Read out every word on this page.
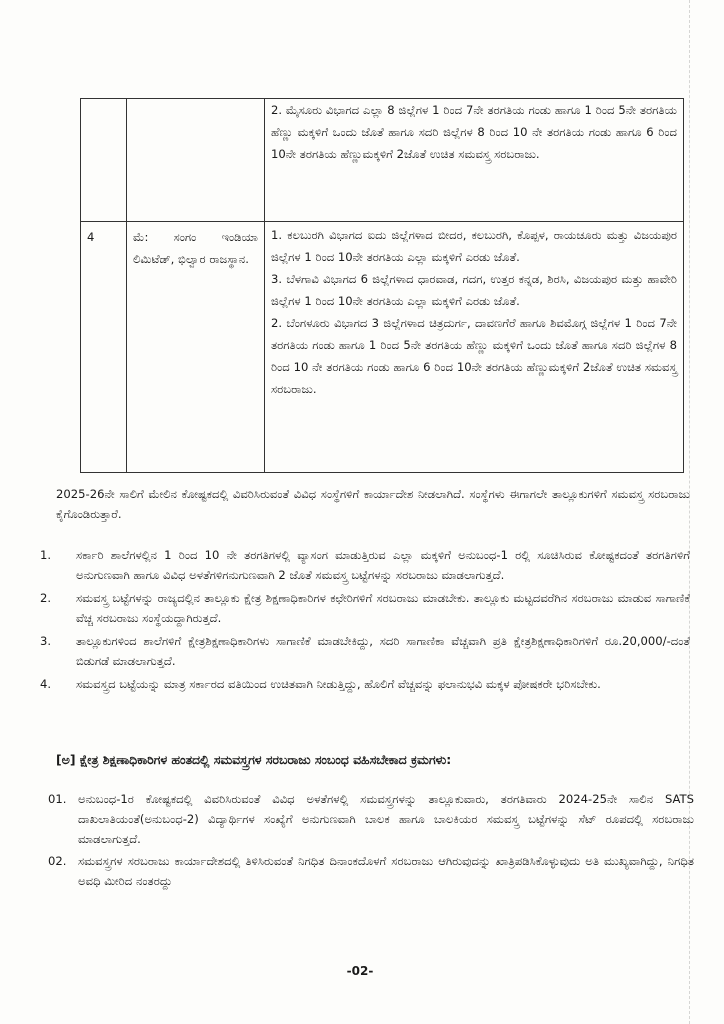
		2. ಮೈಸೂರು ವಿಭಾಗದ ಎಲ್ಲಾ 8 ಜಿಲ್ಲೆಗಳ 1 ರಿಂದ 7ನೇ ತರಗತಿಯ ಗಂಡು ಹಾಗೂ 1 ರಿಂದ 5ನೇ ತರಗತಿಯ ಹೆಣ್ಣು ಮಕ್ಕಳಿಗೆ ಒಂದು ಜೊತೆ ಹಾಗೂ ಸದರಿ ಜಿಲ್ಲೆಗಳ 8 ರಿಂದ 10 ನೇ ತರಗತಿಯ ಗಂಡು ಹಾಗೂ 6 ರಿಂದ 10ನೇ ತರಗತಿಯ ಹೆಣ್ಣುಮಕ್ಕಳಿಗೆ 2ಜೊತೆ ಉಚಿತ ಸಮವಸ್ತ್ರ ಸರಬರಾಜು.

4	ಮೆ: ಸಂಗಂ ಇಂಡಿಯಾ ಲಿಮಿಟೆಡ್, ಭಿಲ್ವಾರ ರಾಜಸ್ಥಾನ.	1. ಕಲಬುರಗಿ ವಿಭಾಗದ ಐದು ಜಿಲ್ಲೆಗಳಾದ ಬೀದರ, ಕಲಬುರಗಿ, ಕೊಪ್ಪಳ, ರಾಯಚೂರು ಮತ್ತು ವಿಜಯಪುರ ಜಿಲ್ಲೆಗಳ 1 ರಿಂದ 10ನೇ ತರಗತಿಯ ಎಲ್ಲಾ ಮಕ್ಕಳಿಗೆ ಎರಡು ಜೊತೆ.
3. ಬೆಳಗಾವಿ ವಿಭಾಗದ 6 ಜಿಲ್ಲೆಗಳಾದ ಧಾರವಾಡ, ಗದಗ, ಉತ್ತರ ಕನ್ನಡ, ಶಿರಸಿ, ವಿಜಯಪುರ ಮತ್ತು ಹಾವೇರಿ ಜಿಲ್ಲೆಗಳ 1 ರಿಂದ 10ನೇ ತರಗತಿಯ ಎಲ್ಲಾ ಮಕ್ಕಳಿಗೆ ಎರಡು ಜೊತೆ.
2. ಬೆಂಗಳೂರು ವಿಭಾಗದ 3 ಜಿಲ್ಲೆಗಳಾದ ಚಿತ್ರದುರ್ಗ, ದಾವಣಗೆರೆ ಹಾಗೂ ಶಿವಮೊಗ್ಗ ಜಿಲ್ಲೆಗಳ 1 ರಿಂದ 7ನೇ ತರಗತಿಯ ಗಂಡು ಹಾಗೂ 1 ರಿಂದ 5ನೇ ತರಗತಿಯ ಹೆಣ್ಣು ಮಕ್ಕಳಿಗೆ ಒಂದು ಜೊತೆ ಹಾಗೂ ಸದರಿ ಜಿಲ್ಲೆಗಳ 8 ರಿಂದ 10 ನೇ ತರಗತಿಯ ಗಂಡು ಹಾಗೂ 6 ರಿಂದ 10ನೇ ತರಗತಿಯ ಹೆಣ್ಣುಮಕ್ಕಳಿಗೆ 2ಜೊತೆ ಉಚಿತ ಸಮವಸ್ತ್ರ ಸರಬರಾಜು.

2025-26ನೇ ಸಾಲಿಗೆ ಮೇಲಿನ ಕೋಷ್ಟಕದಲ್ಲಿ ವಿವರಿಸಿರುವಂತೆ ವಿವಿಧ ಸಂಸ್ಥೆಗಳಿಗೆ ಕಾರ್ಯಾದೇಶ ನೀಡಲಾಗಿದೆ. ಸಂಸ್ಥೆಗಳು ಈಗಾಗಲೇ ತಾಲ್ಲೂಕುಗಳಿಗೆ ಸಮವಸ್ತ್ರ ಸರಬರಾಜು ಕೈಗೊಂಡಿರುತ್ತಾರೆ.

1.	ಸರ್ಕಾರಿ ಶಾಲೆಗಳಲ್ಲಿನ 1 ರಿಂದ 10 ನೇ ತರಗತಿಗಳಲ್ಲಿ ವ್ಯಾಸಂಗ ಮಾಡುತ್ತಿರುವ ಎಲ್ಲಾ ಮಕ್ಕಳಿಗೆ ಅನುಬಂಧ-1 ರಲ್ಲಿ ಸೂಚಿಸಿರುವ ಕೋಷ್ಟಕದಂತೆ ತರಗತಿಗಳಿಗೆ ಅನುಗುಣವಾಗಿ ಹಾಗೂ ವಿವಿಧ ಅಳತೆಗಳಿಗನುಗುಣವಾಗಿ 2 ಜೊತೆ ಸಮವಸ್ತ್ರ ಬಟ್ಟೆಗಳನ್ನು ಸರಬರಾಜು ಮಾಡಲಾಗುತ್ತದೆ.
2.	ಸಮವಸ್ತ್ರ ಬಟ್ಟೆಗಳನ್ನು ರಾಜ್ಯದಲ್ಲಿನ ತಾಲ್ಲೂಕು ಕ್ಷೇತ್ರ ಶಿಕ್ಷಣಾಧಿಕಾರಿಗಳ ಕಛೇರಿಗಳಿಗೆ ಸರಬರಾಜು ಮಾಡಬೇಕು. ತಾಲ್ಲೂಕು ಮಟ್ಟದವರೆಗಿನ ಸರಬರಾಜು ಮಾಡುವ ಸಾಗಾಣಿಕೆ ವೆಚ್ಚ ಸರಬರಾಜು ಸಂಸ್ಥೆಯದ್ದಾಗಿರುತ್ತದೆ.
3.	ತಾಲ್ಲೂಕುಗಳಿಂದ ಶಾಲೆಗಳಿಗೆ ಕ್ಷೇತ್ರಶಿಕ್ಷಣಾಧಿಕಾರಿಗಳು ಸಾಗಾಣಿಕೆ ಮಾಡಬೇಕಿದ್ದು, ಸದರಿ ಸಾಗಾಣಿಕಾ ವೆಚ್ಚವಾಗಿ ಪ್ರತಿ ಕ್ಷೇತ್ರಶಿಕ್ಷಣಾಧಿಕಾರಿಗಳಿಗೆ ರೂ.20,000/-ದಂತೆ ಬಿಡುಗಡೆ ಮಾಡಲಾಗುತ್ತದೆ.
4.	ಸಮವಸ್ತ್ರದ ಬಟ್ಟೆಯನ್ನು ಮಾತ್ರ ಸರ್ಕಾರದ ವತಿಯಿಂದ ಉಚಿತವಾಗಿ ನೀಡುತ್ತಿದ್ದು, ಹೊಲಿಗೆ ವೆಚ್ಚವನ್ನು ಫಲಾನುಭವಿ ಮಕ್ಕಳ ಪೋಷಕರೇ ಭರಿಸಬೇಕು.
[ಅ] ಕ್ಷೇತ್ರ ಶಿಕ್ಷಣಾಧಿಕಾರಿಗಳ ಹಂತದಲ್ಲಿ ಸಮವಸ್ತ್ರಗಳ ಸರಬರಾಜು ಸಂಬಂಧ ವಹಿಸಬೇಕಾದ ಕ್ರಮಗಳು:
01. ಅನುಬಂಧ-1ರ ಕೋಷ್ಟಕದಲ್ಲಿ ವಿವರಿಸಿರುವಂತೆ ವಿವಿಧ ಅಳತೆಗಳಲ್ಲಿ ಸಮವಸ್ತ್ರಗಳನ್ನು ತಾಲ್ಲೂಕುವಾರು, ತರಗತಿವಾರು 2024-25ನೇ ಸಾಲಿನ SATS ದಾಖಲಾತಿಯಂತೆ(ಅನುಬಂಧ-2) ವಿದ್ಯಾರ್ಥಿಗಳ ಸಂಖ್ಯೆಗೆ ಅನುಗುಣವಾಗಿ ಬಾಲಕ ಹಾಗೂ ಬಾಲಕಿಯರ ಸಮವಸ್ತ್ರ ಬಟ್ಟೆಗಳನ್ನು ಸೆಟ್ ರೂಪದಲ್ಲಿ ಸರಬರಾಜು ಮಾಡಲಾಗುತ್ತದೆ.
02. ಸಮವಸ್ತ್ರಗಳ ಸರಬರಾಜು ಕಾರ್ಯಾದೇಶದಲ್ಲಿ ತಿಳಿಸಿರುವಂತೆ ನಿಗಧಿತ ದಿನಾಂಕದೊಳಗೆ ಸರಬರಾಜು ಆಗಿರುವುದನ್ನು ಖಾತ್ರಿಪಡಿಸಿಕೊಳ್ಳುವುದು ಅತಿ ಮುಖ್ಯವಾಗಿದ್ದು, ನಿಗಧಿತ ಅವಧಿ ಮೀರಿದ ನಂತರದ್ದು
-02-
